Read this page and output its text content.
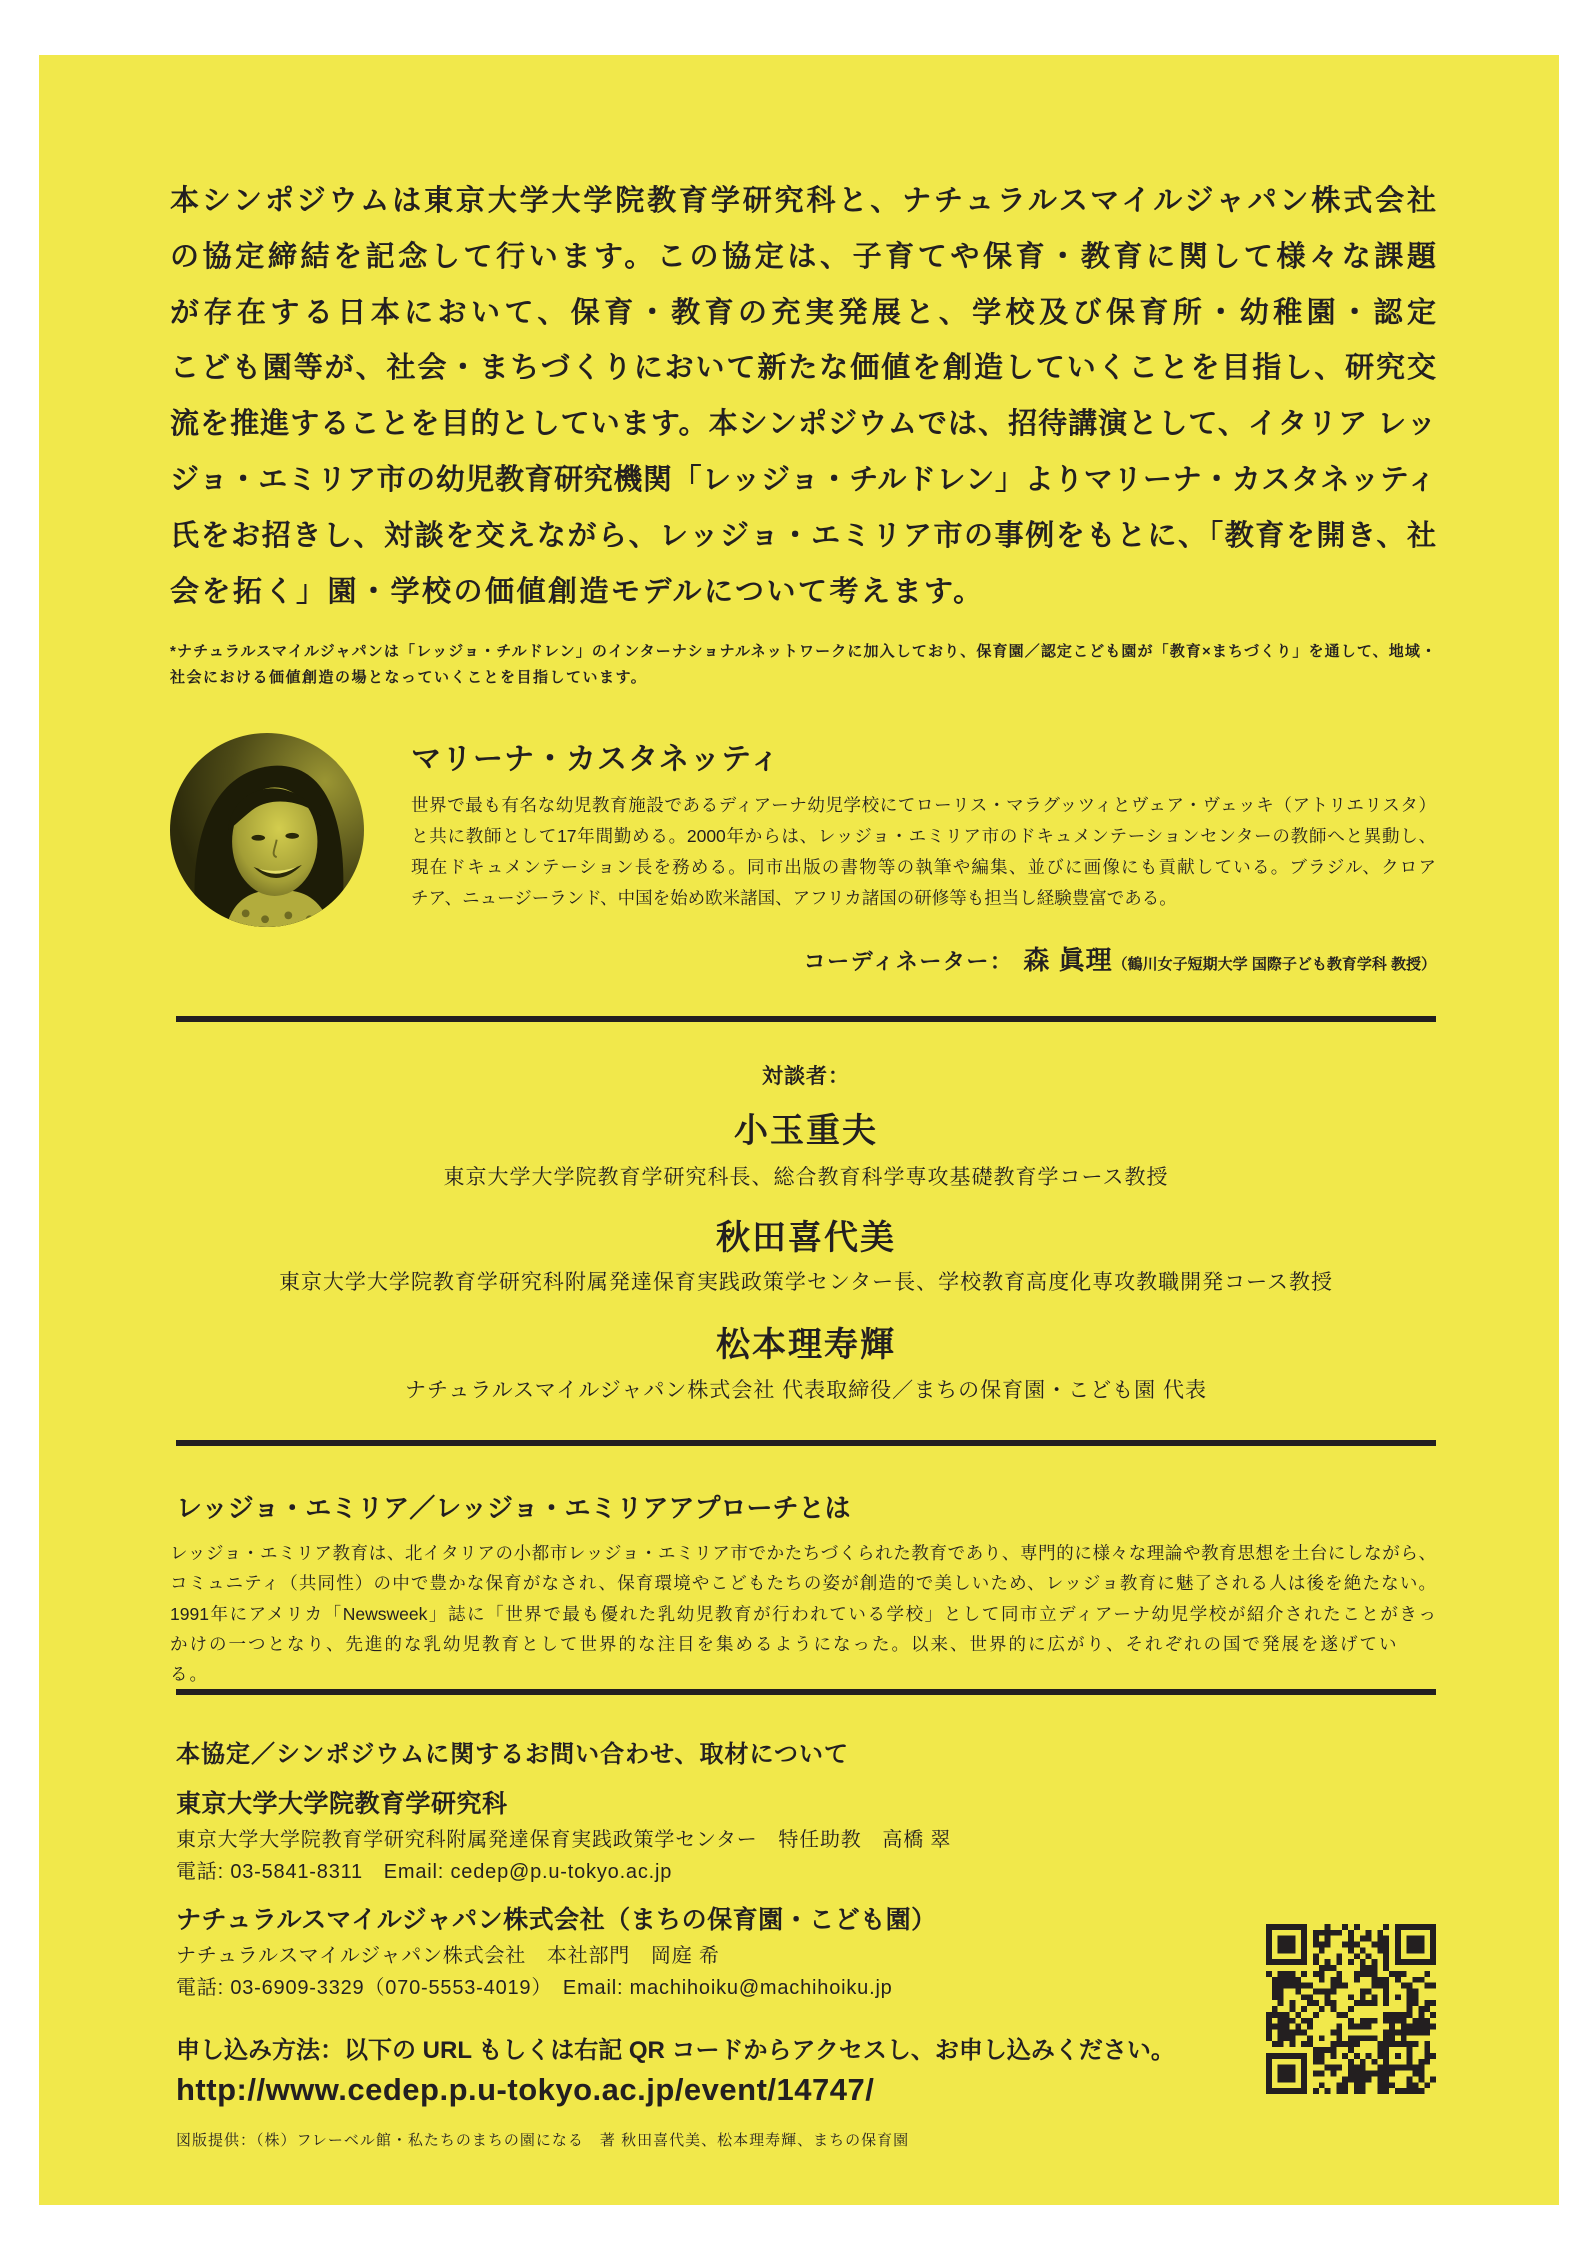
本シンポジウムは東京大学大学院教育学研究科と、ナチュラルスマイルジャパン株式会社
の協定締結を記念して行います。この協定は、子育てや保育・教育に関して様々な課題
が存在する日本において、保育・教育の充実発展と、学校及び保育所・幼稚園・認定
こども園等が、社会・まちづくりにおいて新たな価値を創造していくことを目指し、研究交
流を推進することを目的としています。本シンポジウムでは、招待講演として、イタリア レッ
ジョ・エミリア市の幼児教育研究機関「レッジョ・チルドレン」よりマリーナ・カスタネッティ
氏をお招きし、対談を交えながら、レッジョ・エミリア市の事例をもとに、「教育を開き、社
会を拓く」園・学校の価値創造モデルについて考えます。
*ナチュラルスマイルジャパンは「レッジョ・チルドレン」のインターナショナルネットワークに加入しており、保育園／認定こども園が「教育×まちづくり」を通して、地域・
社会における価値創造の場となっていくことを目指しています。
マリーナ・カスタネッティ
世界で最も有名な幼児教育施設であるディアーナ幼児学校にてローリス・マラグッツィとヴェア・ヴェッキ（アトリエリスタ）
と共に教師として17年間勤める。2000年からは、レッジョ・エミリア市のドキュメンテーションセンターの教師へと異動し、
現在ドキュメンテーション長を務める。同市出版の書物等の執筆や編集、並びに画像にも貢献している。ブラジル、クロア
チア、ニュージーランド、中国を始め欧米諸国、アフリカ諸国の研修等も担当し経験豊富である。
コーディネーター： 森 眞理（鶴川女子短期大学 国際子ども教育学科 教授）
対談者：
小玉重夫
東京大学大学院教育学研究科長、総合教育科学専攻基礎教育学コース教授
秋田喜代美
東京大学大学院教育学研究科附属発達保育実践政策学センター長、学校教育高度化専攻教職開発コース教授
松本理寿輝
ナチュラルスマイルジャパン株式会社 代表取締役／まちの保育園・こども園 代表
レッジョ・エミリア／レッジョ・エミリアアプローチとは
レッジョ・エミリア教育は、北イタリアの小都市レッジョ・エミリア市でかたちづくられた教育であり、専門的に様々な理論や教育思想を土台にしながら、
コミュニティ（共同性）の中で豊かな保育がなされ、保育環境やこどもたちの姿が創造的で美しいため、レッジョ教育に魅了される人は後を絶たない。
1991年にアメリカ「Newsweek」誌に「世界で最も優れた乳幼児教育が行われている学校」として同市立ディアーナ幼児学校が紹介されたことがきっ
かけの一つとなり、先進的な乳幼児教育として世界的な注目を集めるようになった。以来、世界的に広がり、それぞれの国で発展を遂げている。
本協定／シンポジウムに関するお問い合わせ、取材について
東京大学大学院教育学研究科
東京大学大学院教育学研究科附属発達保育実践政策学センター　特任助教　高橋 翠
電話: 03-5841-8311　Email: cedep@p.u-tokyo.ac.jp
ナチュラルスマイルジャパン株式会社（まちの保育園・こども園）
ナチュラルスマイルジャパン株式会社　本社部門　岡庭 希
電話: 03-6909-3329（070-5553-4019）　Email: machihoiku@machihoiku.jp
申し込み方法：以下の URL もしくは右記 QR コードからアクセスし、お申し込みください。
http://www.cedep.p.u-tokyo.ac.jp/event/14747/
図版提供：（株）フレーベル館・私たちのまちの園になる　著 秋田喜代美、松本理寿輝、まちの保育園
